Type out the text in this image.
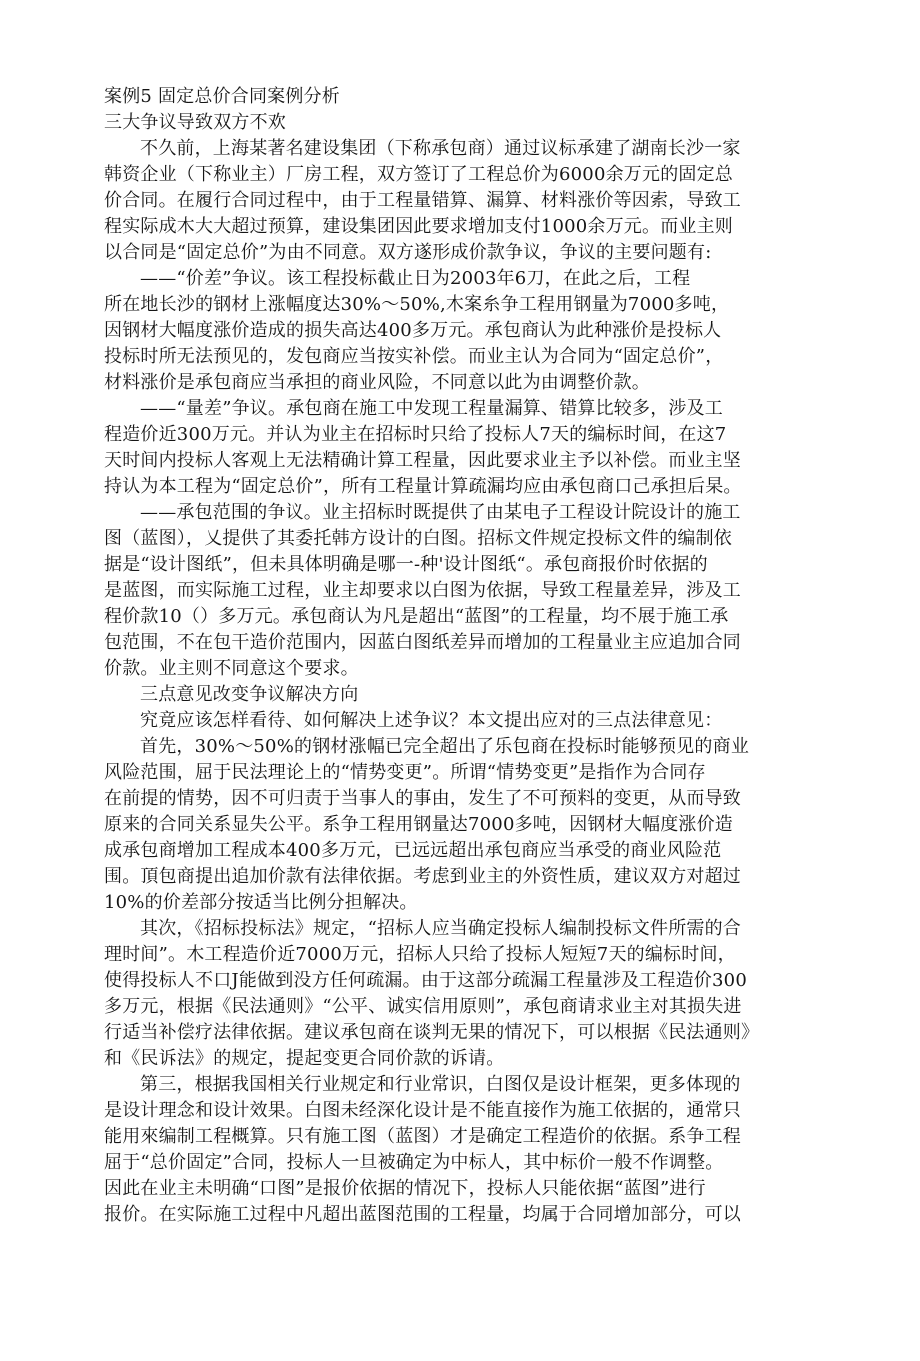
案例5 固定总价合同案例分析
三大争议导致双方不欢
不久前，上海某著名建设集团（下称承包商）通过议标承建了湖南长沙一家
韩资企业（下称业主）厂房工程，双方签订了工程总价为6000余万元的固定总
价合同。在履行合同过程中，由于工程量错算、漏算、材料涨价等因索，导致工
程实际成木大大超过预算，建设集团因此要求增加支付1000余万元。而业主则
以合同是“固定总价”为由不同意。双方遂形成价款争议，争议的主要问题有:
——“价差”争议。该工程投标截止日为2003年6刀，在此之后，工程
所在地长沙的钢材上涨幅度达30%～50%,木案糸争工程用钢量为7000多吨，
因钢材大幅度涨价造成的损失高达400多万元。承包商认为此种涨价是投标人
投标时所无法预见的，发包商应当按实补偿。而业主认为合同为“固定总价”，
材料涨价是承包商应当承担的商业风险，不同意以此为由调整价款。
——“量差”争议。承包商在施工中发现工程量漏算、错算比较多，涉及工
程造价近300万元。并认为业主在招标时只给了投标人7天的编标时间，在这7
天时间内投标人客观上无法精确计算工程量，因此要求业主予以补偿。而业主坚
持认为本工程为“固定总价”，所有工程量计算疏漏均应由承包商口己承担后杲。
——承包范围的争议。业主招标时既提供了由某电子工程设计院设计的施工
图（蓝图），乂提供了其委托韩方设计的白图。招标文件规定投标文件的编制依
据是“设计图纸”，但未具体明确是哪一-种'设计图纸“。承包商报价时依据的
是蓝图，而实际施工过程，业主却要求以白图为依据，导致工程量差异，涉及工
程价款10（）多万元。承包商认为凡是超出“蓝图”的工程量，均不展于施工承
包范围，不在包干造价范围内，因蓝白图纸差异而增加的工程量业主应追加合同
价款。业主则不同意这个要求。
三点意见改变争议解决方向
究竟应该怎样看待、如何解决上述争议？本文提出应对的三点法律意见：
首先，30%～50%的钢材涨幅已完全超出了乐包商在投标时能够预见的商业
风险范围，屈于民法理论上的“情势变更”。所谓“情势变更”是指作为合同存
在前提的情势，因不可归责于当事人的事由，发生了不可预料的变更，从而导致
原来的合同关系显失公平。系争工程用钢量达7000多吨，因钢材大幅度涨价造
成承包商增加工程成本400多万元，已远远超出承包商应当承受的商业风险范
围。頂包商提出追加价款有法律依据。考虑到业主的外资性质，建议双方对超过
10%的价差部分按适当比例分担解决。
其次，《招标投标法》规定，“招标人应当确定投标人编制投标文件所需的合
理时间”。木工程造价近7000万元，招标人只给了投标人短短7天的编标时间，
使得投标人不口J能做到没方任何疏漏。由于这部分疏漏工程量涉及工程造价300
多万元，根据《民法通则》“公平、诚实信用原则”，承包商请求业主对其损失进
行适当补偿疗法律依据。建议承包商在谈判无果的情况下，可以根据《民法通则》
和《民诉法》的规定，提起变更合同价款的诉请。
第三，根据我国相关行业规定和行业常识，白图仅是设计框架，更多体现的
是设计理念和设计效果。白图未经深化设计是不能直接作为施工依据的，通常只
能用來编制工程概算。只有施工图（蓝图）才是确定工程造价的依据。系争工程
屈于“总价固定”合同，投标人一旦被确定为中标人，其中标价一般不作调整。
因此在业主未明确“口图”是报价依据的情况下，投标人只能依据“蓝图”进行
报价。在实际施工过程中凡超出蓝图范围的工程量，均属于合同增加部分，可以
